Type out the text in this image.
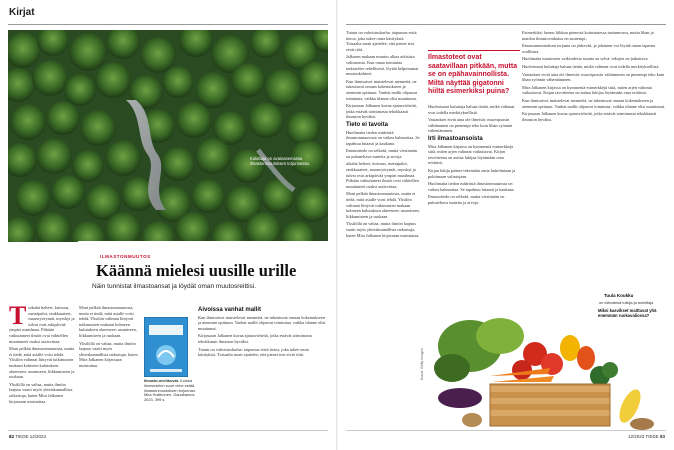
Kirjat
Kuluttaja on avainasemassa ilmastonmuutoksen torjunnassa.
ILMASTONMUUTOS
Käännä mielesi uusille urille
Näin tunnistat ilmastoansat ja löydät oman muutosreittisi.

Tuikalat helteet, kuivuus, metsäpalot, rankkasateet, maanvyörymät, myrskyt ja tulvat ovat arkipäivää ympäri maailmaa. Pitkään vaikuttaneet ilmiöt ovat vähitellen muuttuneet osaksi uutisvirtaa.

Moni pelkää ilmastonmuutosta, mutta ei tiedä, mitä asialle voisi tehdä. Yksilön valinnat liittyvät tutkimusten mukaan kolmeen kulutuksen alueeseen: asumiseen, liikkumiseen ja ruokaan.

Yksilöllä on valtaa, mutta ilmiön laajuus vaatii myös yhteiskunnallisia ratkaisuja, kuten Mira Jalkanen kirjassaan muistuttaa.

Moni pelkää ilmastonmuutosta, mutta ei tiedä, mitä asialle voisi tehdä. Yksilön valinnat liittyvät tutkimusten mukaan kolmeen kulutuksen alueeseen: asumiseen, liikkumiseen ja ruokaan.

Yksilöllä on valtaa, mutta ilmiön laajuus vaatii myös yhteiskunnallisia ratkaisuja, kuten Mira Jalkanen kirjassaan muistuttaa.

Ilmasto-mielikuvat. Kuinka ihmismielen suuri virhe estää ilmastonmuutoksen torjunnan. Mira Hulkkonen. Gaudeamus 2023. 399 s.
Aivoissa vanhat mallit

Kun ihmisaivot muistelevat menneitä, ne tukeutuvat omaan kokemukseen ja aiemmin opittuun. Vanhat mallit ohjaavat toimintaa, vaikka tilanne olisi muuttunut.

Kirjassaan Jalkanen kuvaa ajatusvirheitä, jotka estävät toimimasta tehokkaasti ilmaston hyväksi.

Tutuin on vahvistusharha: taipumus etsiä tietoa, joka tukee omia käsityksiä. Toisaalta moni ajattelee, että pienet teot eivät riitä.

Tutuin on vahvistusharha: taipumus etsiä tietoa, joka tukee omia käsityksiä. Toisaalta moni ajattelee, että pienet teot eivät riitä.

Jalkasen mukaan muutos alkaa arkisista valinnoista. Kun omaa toimintaa tarkastelee rehellisesti, löytää helpoimmat muutoskohteet.

Kun ihmisaivot muistelevat menneitä, ne tukeutuvat omaan kokemukseen ja aiemmin opittuun. Vanhat mallit ohjaavat toimintaa, vaikka tilanne olisi muuttunut.

Kirjassaan Jalkanen kuvaa ajatusvirheitä, jotka estävät toimimasta tehokkaasti ilmaston hyväksi.

Tieto ei tavoita

Huolimatta tiedon määrästä ilmastonmuutosta on vaikea hahmottaa. Se tapahtuu hitaasti ja kaukana.

Ilmastotiede on selkeää, mutta viestinnän on puhuteltava tunteita ja arvoja.

uikalat helteet, kuivuus, metsäpalot, rankkasateet, maanvyörymät, myrskyt ja tulvat ovat arkipäivää ympäri maailmaa. Pitkään vaikuttaneet ilmiöt ovat vähitellen muuttuneet osaksi uutisvirtaa.

Moni pelkää ilmastonmuutosta, mutta ei tiedä, mitä asialle voisi tehdä. Yksilön valinnat liittyvät tutkimusten mukaan kolmeen kulutuksen alueeseen: asumiseen, liikkumiseen ja ruokaan.

Yksilöllä on valtaa, mutta ilmiön laajuus vaatii myös yhteiskunnallisia ratkaisuja, kuten Mira Jalkanen kirjassaan muistuttaa.

Ilmastoteot ovat saatavillaan pitkään, mutta se on epähavainnollista. Miltä näyttää gigatonni hiiltä esimerkiksi puina?

Huolestunut kuluttaja haluaa tietää, mitkä valinnat ovat todella merkityksellisiä.

Vastaukset eivät aina ole ilmeisiä: muovipussin välttäminen on pienempi teko kuin lihan syönnin vähentäminen.

Irti ilmastoansoista

Mira Jalkanen kirjassa on kymmeniä esimerkkejä siitä, miten arjen valinnat vaikuttavat. Kirjan tavoitteena on auttaa lukijaa löytämään oma reittinsä.

Kirjan lukija pääsee tekemään omia laskelmiaan ja pohtimaan valintojaan.

Huolimatta tiedon määrästä ilmastonmuutosta on vaikea hahmottaa. Se tapahtuu hitaasti ja kaukana.

Ilmastotiede on selkeää, mutta viestinnän on puhuteltava tunteita ja arvoja.

Esimerkiksi luomu liikkuu pienessä kotimaisessa tuotannossa, mutta lihan ja maidon ilmastovaikutus on suurempi.

Ilmastonmuutoksen torjunta on järkevää, ja jokainen voi löytää oman tapansa osallistua.

Huolimatta muutosten vaikeudesta suunta on selvä: tekojen on jatkuttava.

Huolestunut kuluttaja haluaa tietää, mitkä valinnat ovat todella merkityksellisiä.

Vastaukset eivät aina ole ilmeisiä: muovipussin välttäminen on pienempi teko kuin lihan syönnin vähentäminen.

Mira Jalkanen kirjassa on kymmeniä esimerkkejä siitä, miten arjen valinnat vaikuttavat. Kirjan tavoitteena on auttaa lukijaa löytämään oma reittinsä.

Kun ihmisaivot muistelevat menneitä, ne tukeutuvat omaan kokemukseen ja aiemmin opittuun. Vanhat mallit ohjaavat toimintaa, vaikka tilanne olisi muuttunut.

Kirjassaan Jalkanen kuvaa ajatusvirheitä, jotka estävät toimimasta tehokkaasti ilmaston hyväksi.

Tuula Koukku
on elämänsä tutkija ja toimittaja
Miksi kasvikset maittavat yhä enemmän ruokavaliossa?
Kuvat: Getty Images
82 TIEDE 12/2023	12/2023 TIEDE 83
